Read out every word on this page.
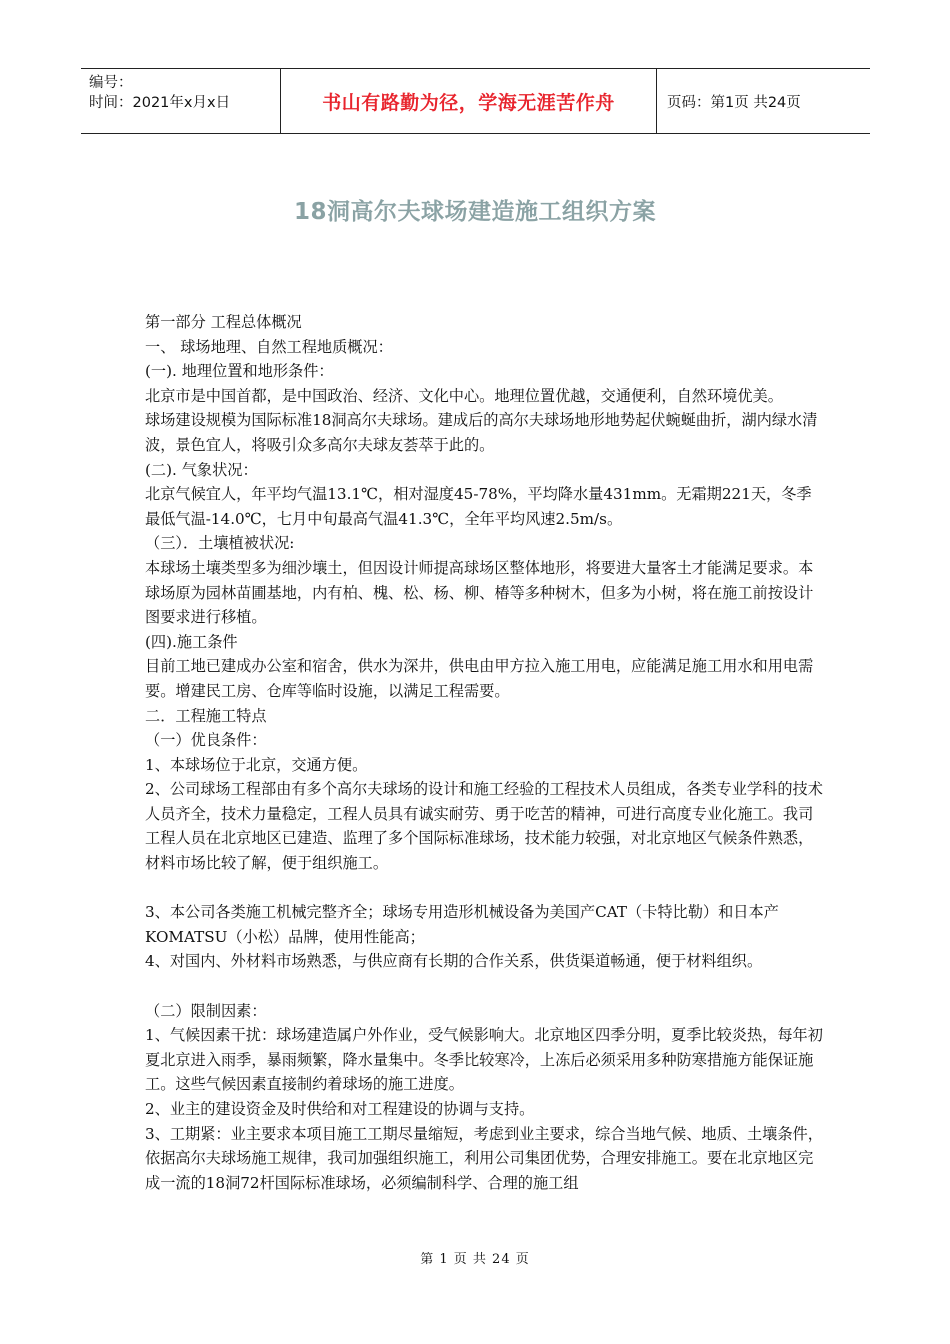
编号：
时间：2021年x月x日	书山有路勤为径，学海无涯苦作舟	页码：第1页 共24页
18洞高尔夫球场建造施工组织方案

第一部分 工程总体概况

一、 球场地理、自然工程地质概况：

(一). 地理位置和地形条件：

北京市是中国首都，是中国政治、经济、文化中心。地理位置优越，交通便利，自然环境优美。

球场建设规模为国际标准18洞高尔夫球场。建成后的高尔夫球场地形地势起伏蜿蜒曲折，湖内绿水清波，景色宜人，将吸引众多高尔夫球友荟萃于此的。

(二). 气象状况：

北京气候宜人，年平均气温13.1℃，相对湿度45-78%，平均降水量431mm。无霜期221天，冬季最低气温-14.0℃，七月中旬最高气温41.3℃，全年平均风速2.5m/s。

（三）．土壤植被状况:

本球场土壤类型多为细沙壤土，但因设计师提高球场区整体地形，将要进大量客土才能满足要求。本球场原为园林苗圃基地，内有柏、槐、松、杨、柳、椿等多种树木，但多为小树，将在施工前按设计图要求进行移植。

(四).施工条件

目前工地已建成办公室和宿舍，供水为深井，供电由甲方拉入施工用电，应能满足施工用水和用电需要。增建民工房、仓库等临时设施，以满足工程需要。

二．工程施工特点

（一）优良条件：

1、本球场位于北京，交通方便。

2、公司球场工程部由有多个高尔夫球场的设计和施工经验的工程技术人员组成，各类专业学科的技术人员齐全，技术力量稳定，工程人员具有诚实耐劳、勇于吃苦的精神，可进行高度专业化施工。我司工程人员在北京地区已建造、监理了多个国际标准球场，技术能力较强，对北京地区气候条件熟悉，材料市场比较了解，便于组织施工。

3、本公司各类施工机械完整齐全；球场专用造形机械设备为美国产CAT（卡特比勒）和日本产KOMATSU（小松）品牌，使用性能高；

4、对国内、外材料市场熟悉，与供应商有长期的合作关系，供货渠道畅通，便于材料组织。

（二）限制因素：

1、气候因素干扰：球场建造属户外作业，受气候影响大。北京地区四季分明，夏季比较炎热，每年初夏北京进入雨季，暴雨频繁，降水量集中。冬季比较寒冷，上冻后必须采用多种防寒措施方能保证施工。这些气候因素直接制约着球场的施工进度。

2、业主的建设资金及时供给和对工程建设的协调与支持。

3、工期紧：业主要求本项目施工工期尽量缩短，考虑到业主要求，综合当地气候、地质、土壤条件，依据高尔夫球场施工规律，我司加强组织施工，利用公司集团优势，合理安排施工。要在北京地区完成一流的18洞72杆国际标准球场，必须编制科学、合理的施工组

第 1 页 共 24 页
